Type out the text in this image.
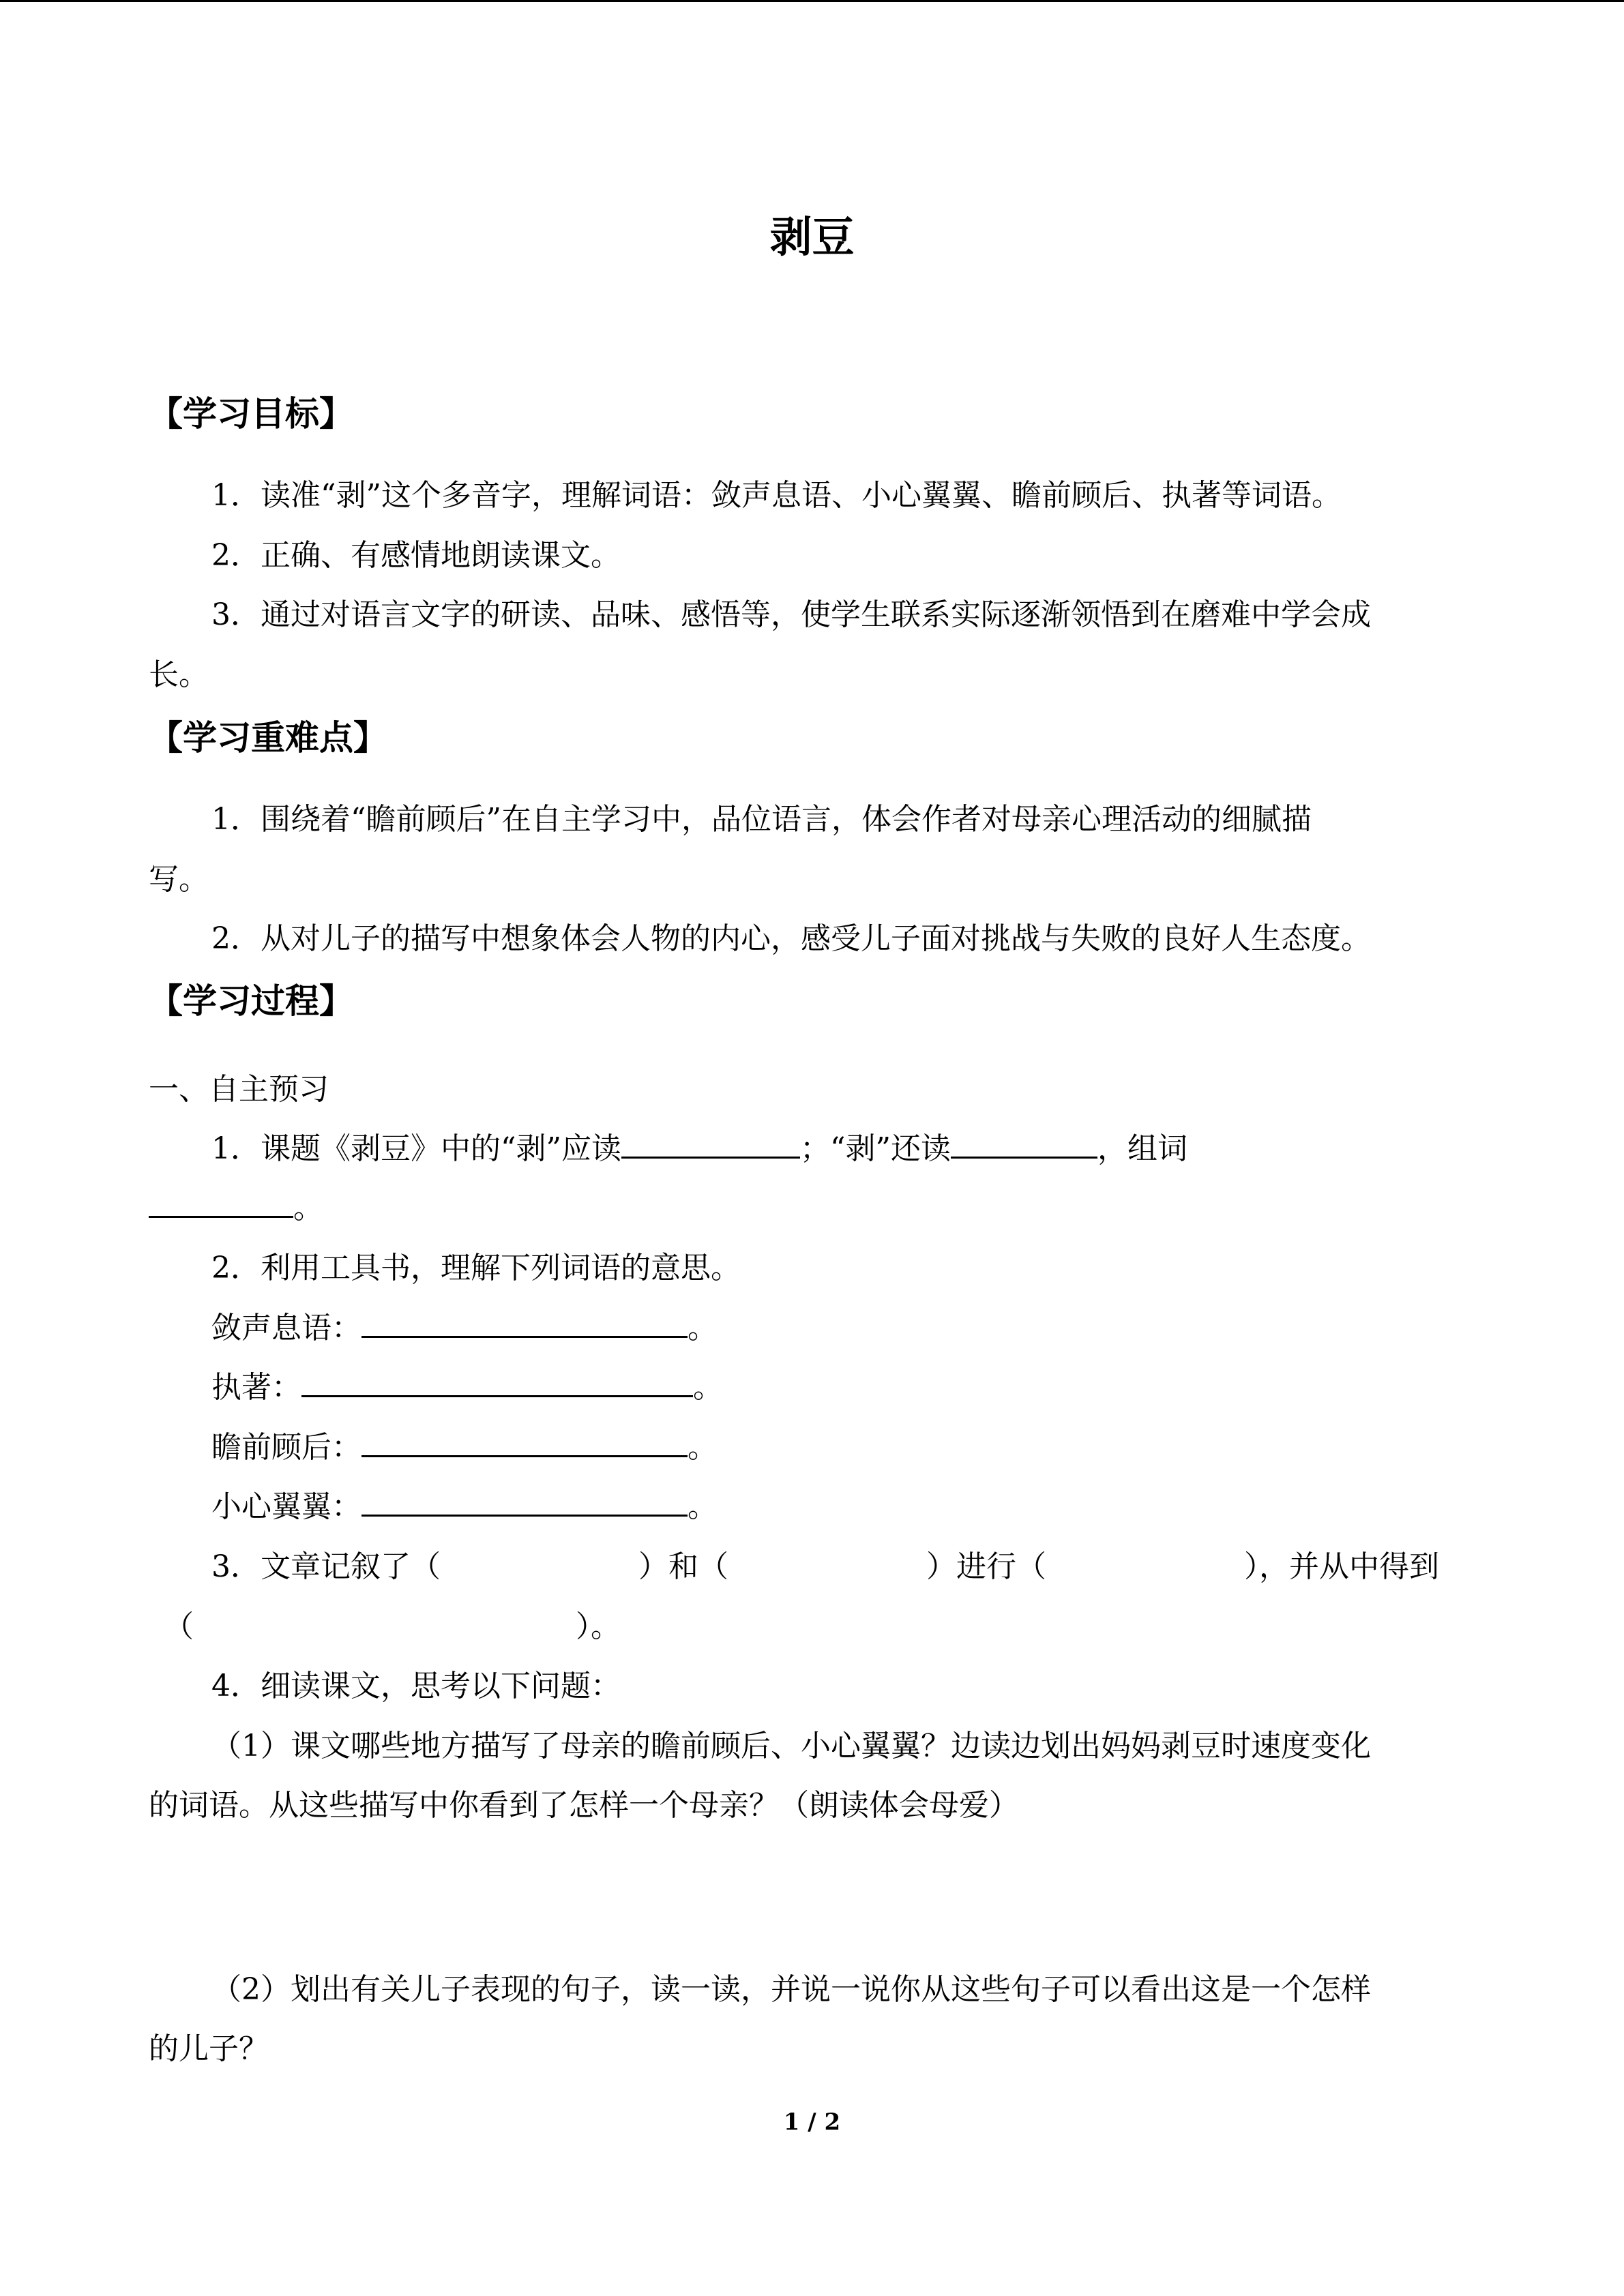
剥豆
【学习目标】
1．读准“剥”这个多音字，理解词语：敛声息语、小心翼翼、瞻前顾后、执著等词语。
2．正确、有感情地朗读课文。
3．通过对语言文字的研读、品味、感悟等，使学生联系实际逐渐领悟到在磨难中学会成
长。
【学习重难点】
1．围绕着“瞻前顾后”在自主学习中，品位语言，体会作者对母亲心理活动的细腻描
写。
2．从对儿子的描写中想象体会人物的内心，感受儿子面对挑战与失败的良好人生态度。
【学习过程】
一、自主预习
1．课题《剥豆》中的“剥”应读	；“剥”还读	，组词
。
2．利用工具书，理解下列词语的意思。
敛声息语：	。
执著：	。
瞻前顾后：	。
小心翼翼：	。
3．文章记叙了（	）和（	）进行（	），并从中得到
（	）。
4．细读课文，思考以下问题：
（1）课文哪些地方描写了母亲的瞻前顾后、小心翼翼？边读边划出妈妈剥豆时速度变化
的词语。从这些描写中你看到了怎样一个母亲？（朗读体会母爱）
（2）划出有关儿子表现的句子，读一读，并说一说你从这些句子可以看出这是一个怎样
的儿子？
1 / 2
